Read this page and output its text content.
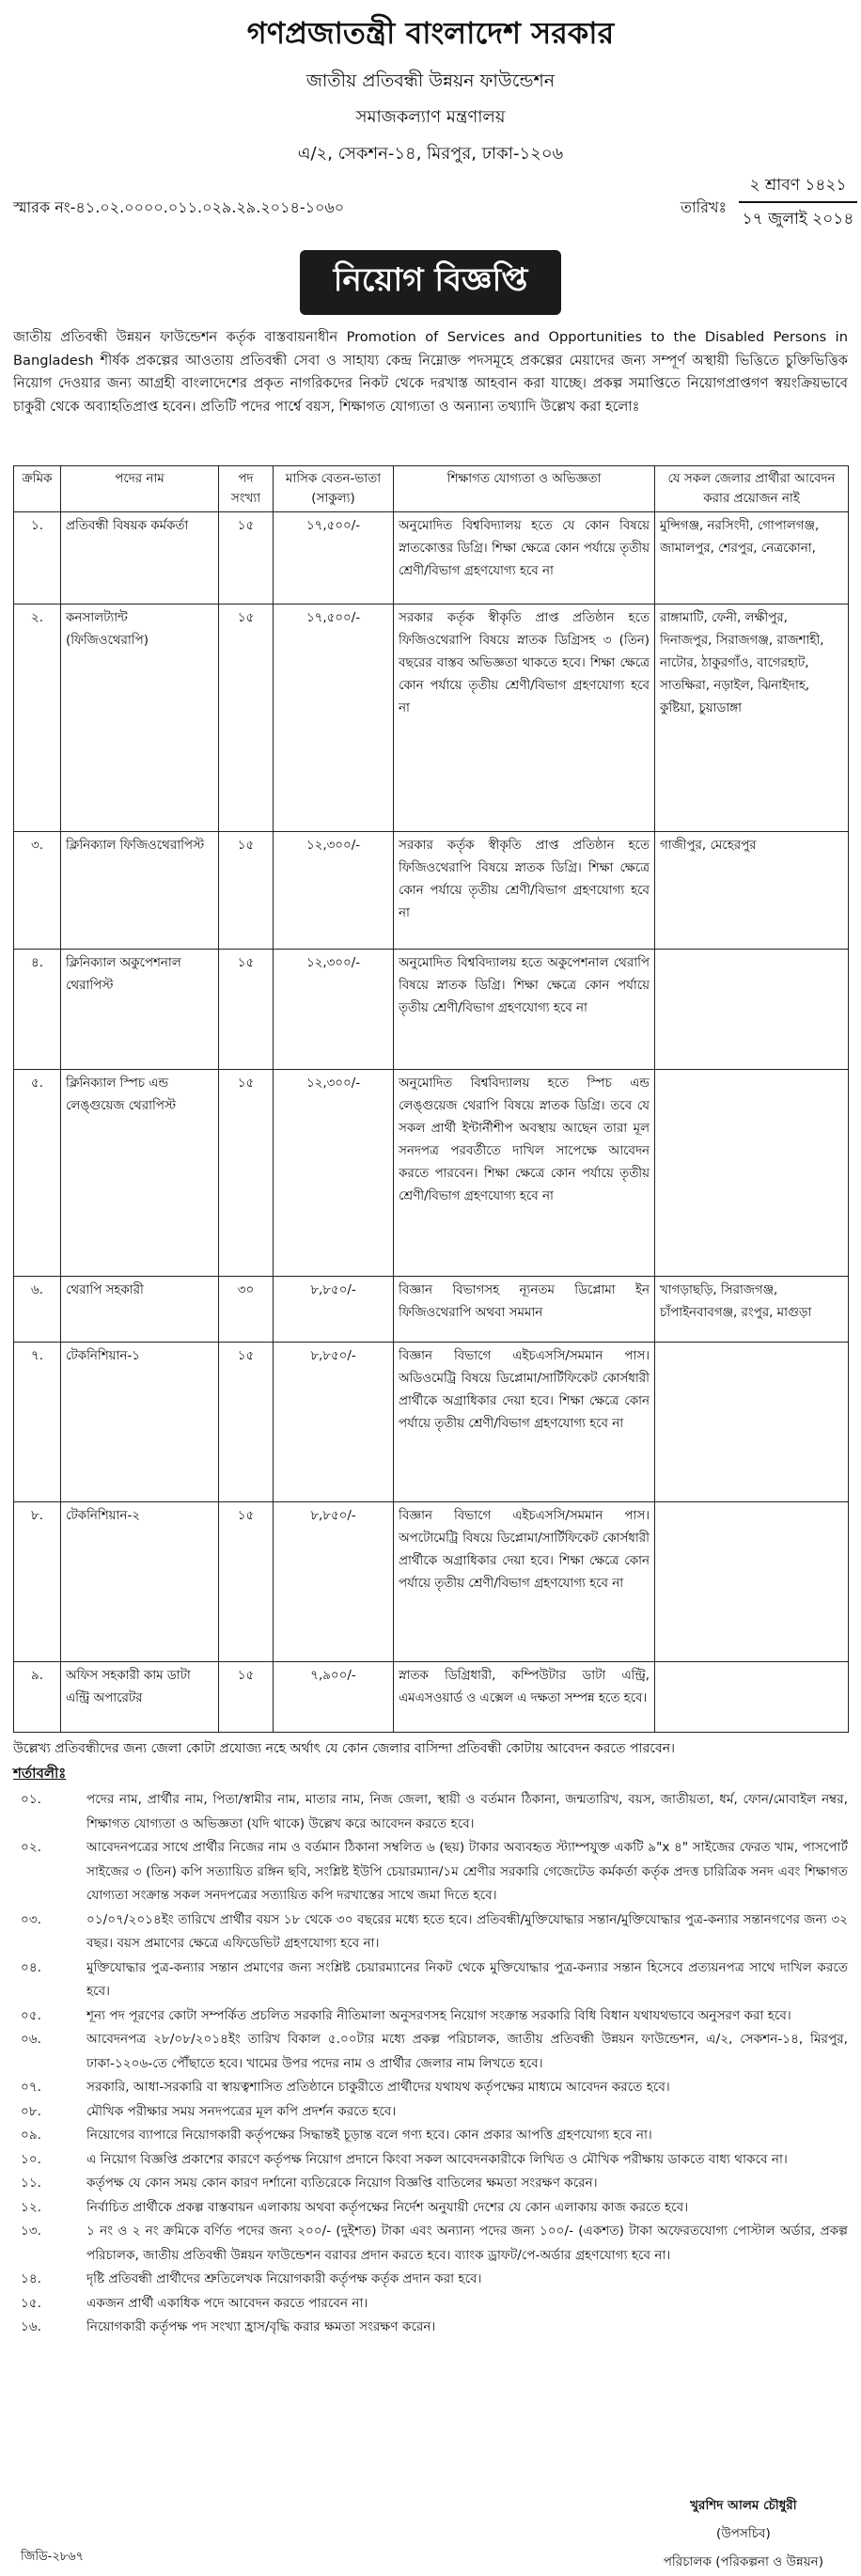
গণপ্রজাতন্ত্রী বাংলাদেশ সরকার
জাতীয় প্রতিবন্ধী উন্নয়ন ফাউন্ডেশন
সমাজকল্যাণ মন্ত্রণালয়
এ/২, সেকশন-১৪, মিরপুর, ঢাকা-১২০৬
স্মারক নং-৪১.০২.০০০০.০১১.০২৯.২৯.২০১৪-১০৬০	তারিখঃ
২ শ্রাবণ ১৪২১
১৭ জুলাই ২০১৪
নিয়োগ বিজ্ঞপ্তি
জাতীয় প্রতিবন্ধী উন্নয়ন ফাউন্ডেশন কর্তৃক বাস্তবায়নাধীন Promotion of Services and Opportunities to the Disabled Persons in Bangladesh শীর্ষক প্রকল্পের আওতায় প্রতিবন্ধী সেবা ও সাহায্য কেন্দ্র নিম্নোক্ত পদসমূহে প্রকল্পের মেয়াদের জন্য সম্পূর্ণ অস্থায়ী ভিত্তিতে চুক্তিভিত্তিক নিয়োগ দেওয়ার জন্য আগ্রহী বাংলাদেশের প্রকৃত নাগরিকদের নিকট থেকে দরখাস্ত আহবান করা যাচ্ছে। প্রকল্প সমাপ্তিতে নিয়োগপ্রাপ্তগণ স্বয়ংক্রিয়ভাবে চাকুরী থেকে অব্যাহতিপ্রাপ্ত হবেন। প্রতিটি পদের পার্শ্বে বয়স, শিক্ষাগত যোগ্যতা ও অন্যান্য তথ্যাদি উল্লেখ করা হলোঃ
ক্রমিক	পদের নাম	পদ সংখ্যা	মাসিক বেতন-ভাতা (সাকুল্য)	শিক্ষাগত যোগ্যতা ও অভিজ্ঞতা	যে সকল জেলার প্রার্থীরা আবেদন করার প্রয়োজন নাই
১.	প্রতিবন্ধী বিষয়ক কর্মকর্তা	১৫	১৭,৫০০/-	অনুমোদিত বিশ্ববিদ্যালয় হতে যে কোন বিষয়ে স্নাতকোত্তর ডিগ্রি। শিক্ষা ক্ষেত্রে কোন পর্যায়ে তৃতীয় শ্রেণী/বিভাগ গ্রহণযোগ্য হবে না	মুন্সিগঞ্জ, নরসিংদী, গোপালগঞ্জ, জামালপুর, শেরপুর, নেত্রকোনা,
২.	কনসালট্যান্ট (ফিজিওথেরাপি)	১৫	১৭,৫০০/-	সরকার কর্তৃক স্বীকৃতি প্রাপ্ত প্রতিষ্ঠান হতে ফিজিওথেরাপি বিষয়ে স্নাতক ডিগ্রিসহ ৩ (তিন) বছরের বাস্তব অভিজ্ঞতা থাকতে হবে। শিক্ষা ক্ষেত্রে কোন পর্যায়ে তৃতীয় শ্রেণী/বিভাগ গ্রহণযোগ্য হবে না	রাঙ্গামাটি, ফেনী, লক্ষীপুর, দিনাজপুর, সিরাজগঞ্জ, রাজশাহী, নাটোর, ঠাকুরগাঁও, বাগেরহাট, সাতক্ষিরা, নড়াইল, ঝিনাইদাহ, কুষ্টিয়া, চুয়াডাঙ্গা
৩.	ক্লিনিক্যাল ফিজিওথেরাপিস্ট	১৫	১২,৩০০/-	সরকার কর্তৃক স্বীকৃতি প্রাপ্ত প্রতিষ্ঠান হতে ফিজিওথেরাপি বিষয়ে স্নাতক ডিগ্রি। শিক্ষা ক্ষেত্রে কোন পর্যায়ে তৃতীয় শ্রেণী/বিভাগ গ্রহণযোগ্য হবে না	গাজীপুর, মেহেরপুর
৪.	ক্লিনিক্যাল অকুপেশনাল থেরাপিস্ট	১৫	১২,৩০০/-	অনুমোদিত বিশ্ববিদ্যালয় হতে অকুপেশনাল থেরাপি বিষয়ে স্নাতক ডিগ্রি। শিক্ষা ক্ষেত্রে কোন পর্যায়ে তৃতীয় শ্রেণী/বিভাগ গ্রহণযোগ্য হবে না	
৫.	ক্লিনিক্যাল স্পিচ এন্ড লেঙ্গুয়েজ থেরাপিস্ট	১৫	১২,৩০০/-	অনুমোদিত বিশ্ববিদ্যালয় হতে স্পিচ এন্ড লেঙ্গুয়েজ থেরাপি বিষয়ে স্নাতক ডিগ্রি। তবে যে সকল প্রার্থী ইন্টার্নীশীপ অবস্থায় আছেন তারা মূল সনদপত্র পরবর্তীতে দাখিল সাপেক্ষে আবেদন করতে পারবেন। শিক্ষা ক্ষেত্রে কোন পর্যায়ে তৃতীয় শ্রেণী/বিভাগ গ্রহণযোগ্য হবে না	
৬.	থেরাপি সহকারী	৩০	৮,৮৫০/-	বিজ্ঞান বিভাগসহ ন্যূনতম ডিপ্লোমা ইন ফিজিওথেরাপি অথবা সমমান	খাগড়াছড়ি, সিরাজগঞ্জ, চাঁপাইনবাবগঞ্জ, রংপুর, মাগুড়া
৭.	টেকনিশিয়ান-১	১৫	৮,৮৫০/-	বিজ্ঞান বিভাগে এইচএসসি/সমমান পাস। অডিওমেট্রি বিষয়ে ডিপ্লোমা/সার্টিফিকেট কোর্সধারী প্রার্থীকে অগ্রাধিকার দেয়া হবে। শিক্ষা ক্ষেত্রে কোন পর্যায়ে তৃতীয় শ্রেণী/বিভাগ গ্রহণযোগ্য হবে না	
৮.	টেকনিশিয়ান-২	১৫	৮,৮৫০/-	বিজ্ঞান বিভাগে এইচএসসি/সমমান পাস। অপটোমেট্রি বিষয়ে ডিপ্লোমা/সার্টিফিকেট কোর্সধারী প্রার্থীকে অগ্রাধিকার দেয়া হবে। শিক্ষা ক্ষেত্রে কোন পর্যায়ে তৃতীয় শ্রেণী/বিভাগ গ্রহণযোগ্য হবে না	
৯.	অফিস সহকারী কাম ডাটা এন্ট্রি অপারেটর	১৫	৭,৯০০/-	স্নাতক ডিগ্রিধারী, কম্পিউটার ডাটা এন্ট্রি, এমএসওয়ার্ড ও এক্সেল এ দক্ষতা সম্পন্ন হতে হবে।	
উল্লেখ্য প্রতিবন্ধীদের জন্য জেলা কোটা প্রযোজ্য নহে অর্থাৎ যে কোন জেলার বাসিন্দা প্রতিবন্ধী কোটায় আবেদন করতে পারবেন।
শর্তাবলীঃ
০১.	পদের নাম, প্রার্থীর নাম, পিতা/স্বামীর নাম, মাতার নাম, নিজ জেলা, স্থায়ী ও বর্তমান ঠিকানা, জন্মতারিখ, বয়স, জাতীয়তা, ধর্ম, ফোন/মোবাইল নম্বর, শিক্ষাগত যোগ্যতা ও অভিজ্ঞতা (যদি থাকে) উল্লেখ করে আবেদন করতে হবে।
০২.	আবেদনপত্রের সাথে প্রার্থীর নিজের নাম ও বর্তমান ঠিকানা সম্বলিত ৬ (ছয়) টাকার অব্যবহৃত স্ট্যাম্পযুক্ত একটি ৯"x ৪" সাইজের ফেরত খাম, পাসপোর্ট সাইজের ৩ (তিন) কপি সত্যায়িত রঙ্গিন ছবি, সংশ্লিষ্ট ইউপি চেয়ারম্যান/১ম শ্রেণীর সরকারি গেজেটেড কর্মকর্তা কর্তৃক প্রদত্ত চারিত্রিক সনদ এবং শিক্ষাগত যোগ্যতা সংক্রান্ত সকল সনদপত্রের সত্যায়িত কপি দরখাস্তের সাথে জমা দিতে হবে।
০৩.	০১/০৭/২০১৪ইং তারিখে প্রার্থীর বয়স ১৮ থেকে ৩০ বছরের মধ্যে হতে হবে। প্রতিবন্ধী/মুক্তিযোদ্ধার সন্তান/মুক্তিযোদ্ধার পুত্র-কন্যার সন্তানগণের জন্য ৩২ বছর। বয়স প্রমাণের ক্ষেত্রে এফিডেভিট গ্রহণযোগ্য হবে না।
০৪.	মুক্তিযোদ্ধার পুত্র-কন্যার সন্তান প্রমাণের জন্য সংশ্লিষ্ট চেয়ারম্যানের নিকট থেকে মুক্তিযোদ্ধার পুত্র-কন্যার সন্তান হিসেবে প্রত্যয়নপত্র সাথে দাখিল করতে হবে।
০৫.	শূন্য পদ পূরণের কোটা সম্পর্কিত প্রচলিত সরকারি নীতিমালা অনুসরণসহ নিয়োগ সংক্রান্ত সরকারি বিধি বিধান যথাযথভাবে অনুসরণ করা হবে।
০৬.	আবেদনপত্র ২৮/০৮/২০১৪ইং তারিখ বিকাল ৫.০০টার মধ্যে প্রকল্প পরিচালক, জাতীয় প্রতিবন্ধী উন্নয়ন ফাউন্ডেশন, এ/২, সেকশন-১৪, মিরপুর, ঢাকা-১২০৬-তে পৌঁছাতে হবে। খামের উপর পদের নাম ও প্রার্থীর জেলার নাম লিখতে হবে।
০৭.	সরকারি, আধা-সরকারি বা স্বায়ত্বশাসিত প্রতিষ্ঠানে চাকুরীতে প্রার্থীদের যথাযথ কর্তৃপক্ষের মাধ্যমে আবেদন করতে হবে।
০৮.	মৌখিক পরীক্ষার সময় সনদপত্রের মূল কপি প্রদর্শন করতে হবে।
০৯.	নিয়োগের ব্যাপারে নিয়োগকারী কর্তৃপক্ষের সিদ্ধান্তই চূড়ান্ত বলে গণ্য হবে। কোন প্রকার আপত্তি গ্রহণযোগ্য হবে না।
১০.	এ নিয়োগ বিজ্ঞপ্তি প্রকাশের কারণে কর্তৃপক্ষ নিয়োগ প্রদানে কিংবা সকল আবেদনকারীকে লিখিত ও মৌখিক পরীক্ষায় ডাকতে বাধ্য থাকবে না।
১১.	কর্তৃপক্ষ যে কোন সময় কোন কারণ দর্শানো ব্যতিরেকে নিয়োগ বিজ্ঞপ্তি বাতিলের ক্ষমতা সংরক্ষণ করেন।
১২.	নির্বাচিত প্রার্থীকে প্রকল্প বাস্তবায়ন এলাকায় অথবা কর্তৃপক্ষের নির্দেশ অনুযায়ী দেশের যে কোন এলাকায় কাজ করতে হবে।
১৩.	১ নং ও ২ নং ক্রমিকে বর্ণিত পদের জন্য ২০০/- (দুইশত) টাকা এবং অন্যান্য পদের জন্য ১০০/- (একশত) টাকা অফেরতযোগ্য পোস্টাল অর্ডার, প্রকল্প পরিচালক, জাতীয় প্রতিবন্ধী উন্নয়ন ফাউন্ডেশন বরাবর প্রদান করতে হবে। ব্যাংক ড্রাফট/পে-অর্ডার গ্রহণযোগ্য হবে না।
১৪.	দৃষ্টি প্রতিবন্ধী প্রার্থীদের শ্রুতিলেখক নিয়োগকারী কর্তৃপক্ষ কর্তৃক প্রদান করা হবে।
১৫.	একজন প্রার্থী একাধিক পদে আবেদন করতে পারবেন না।
১৬.	নিয়োগকারী কর্তৃপক্ষ পদ সংখ্যা হ্রাস/বৃদ্ধি করার ক্ষমতা সংরক্ষণ করেন।
খুরশিদ আলম চৌধুরী
(উপসচিব)
পরিচালক (পরিকল্পনা ও উন্নয়ন)
জিডি-২৮৬৭
